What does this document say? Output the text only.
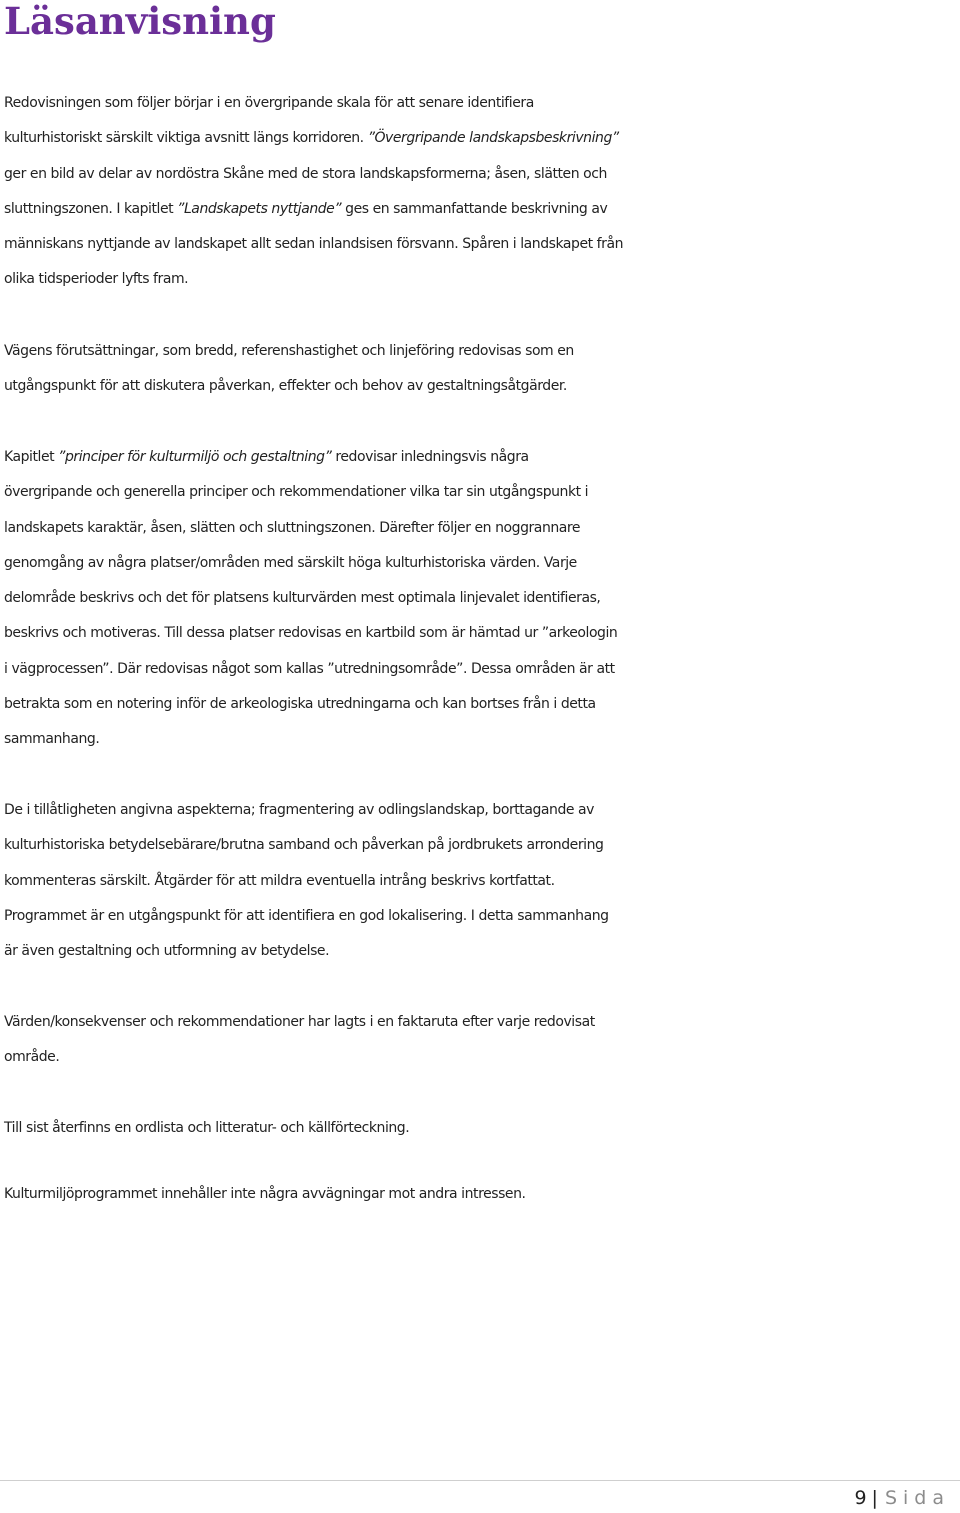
Läsanvisning
Redovisningen som följer börjar i en övergripande skala för att senare identifiera
kulturhistoriskt särskilt viktiga avsnitt längs korridoren. ”Övergripande landskapsbeskrivning”
ger en bild av delar av nordöstra Skåne med de stora landskapsformerna; åsen, slätten och
sluttningszonen. I kapitlet ”Landskapets nyttjande” ges en sammanfattande beskrivning av
människans nyttjande av landskapet allt sedan inlandsisen försvann. Spåren i landskapet från
olika tidsperioder lyfts fram.
Vägens förutsättningar, som bredd, referenshastighet och linjeföring redovisas som en
utgångspunkt för att diskutera påverkan, effekter och behov av gestaltningsåtgärder.
Kapitlet ”principer för kulturmiljö och gestaltning” redovisar inledningsvis några
övergripande och generella principer och rekommendationer vilka tar sin utgångspunkt i
landskapets karaktär, åsen, slätten och sluttningszonen. Därefter följer en noggrannare
genomgång av några platser/områden med särskilt höga kulturhistoriska värden. Varje
delområde beskrivs och det för platsens kulturvärden mest optimala linjevalet identifieras,
beskrivs och motiveras. Till dessa platser redovisas en kartbild som är hämtad ur ”arkeologin
i vägprocessen”. Där redovisas något som kallas ”utredningsområde”. Dessa områden är att
betrakta som en notering inför de arkeologiska utredningarna och kan bortses från i detta
sammanhang.
De i tillåtligheten angivna aspekterna; fragmentering av odlingslandskap, borttagande av
kulturhistoriska betydelsebärare/brutna samband och påverkan på jordbrukets arrondering
kommenteras särskilt. Åtgärder för att mildra eventuella intrång beskrivs kortfattat.
Programmet är en utgångspunkt för att identifiera en god lokalisering. I detta sammanhang
är även gestaltning och utformning av betydelse.
Värden/konsekvenser och rekommendationer har lagts i en faktaruta efter varje redovisat
område.
Till sist återfinns en ordlista och litteratur- och källförteckning.
Kulturmiljöprogrammet innehåller inte några avvägningar mot andra intressen.
9 | Sida
